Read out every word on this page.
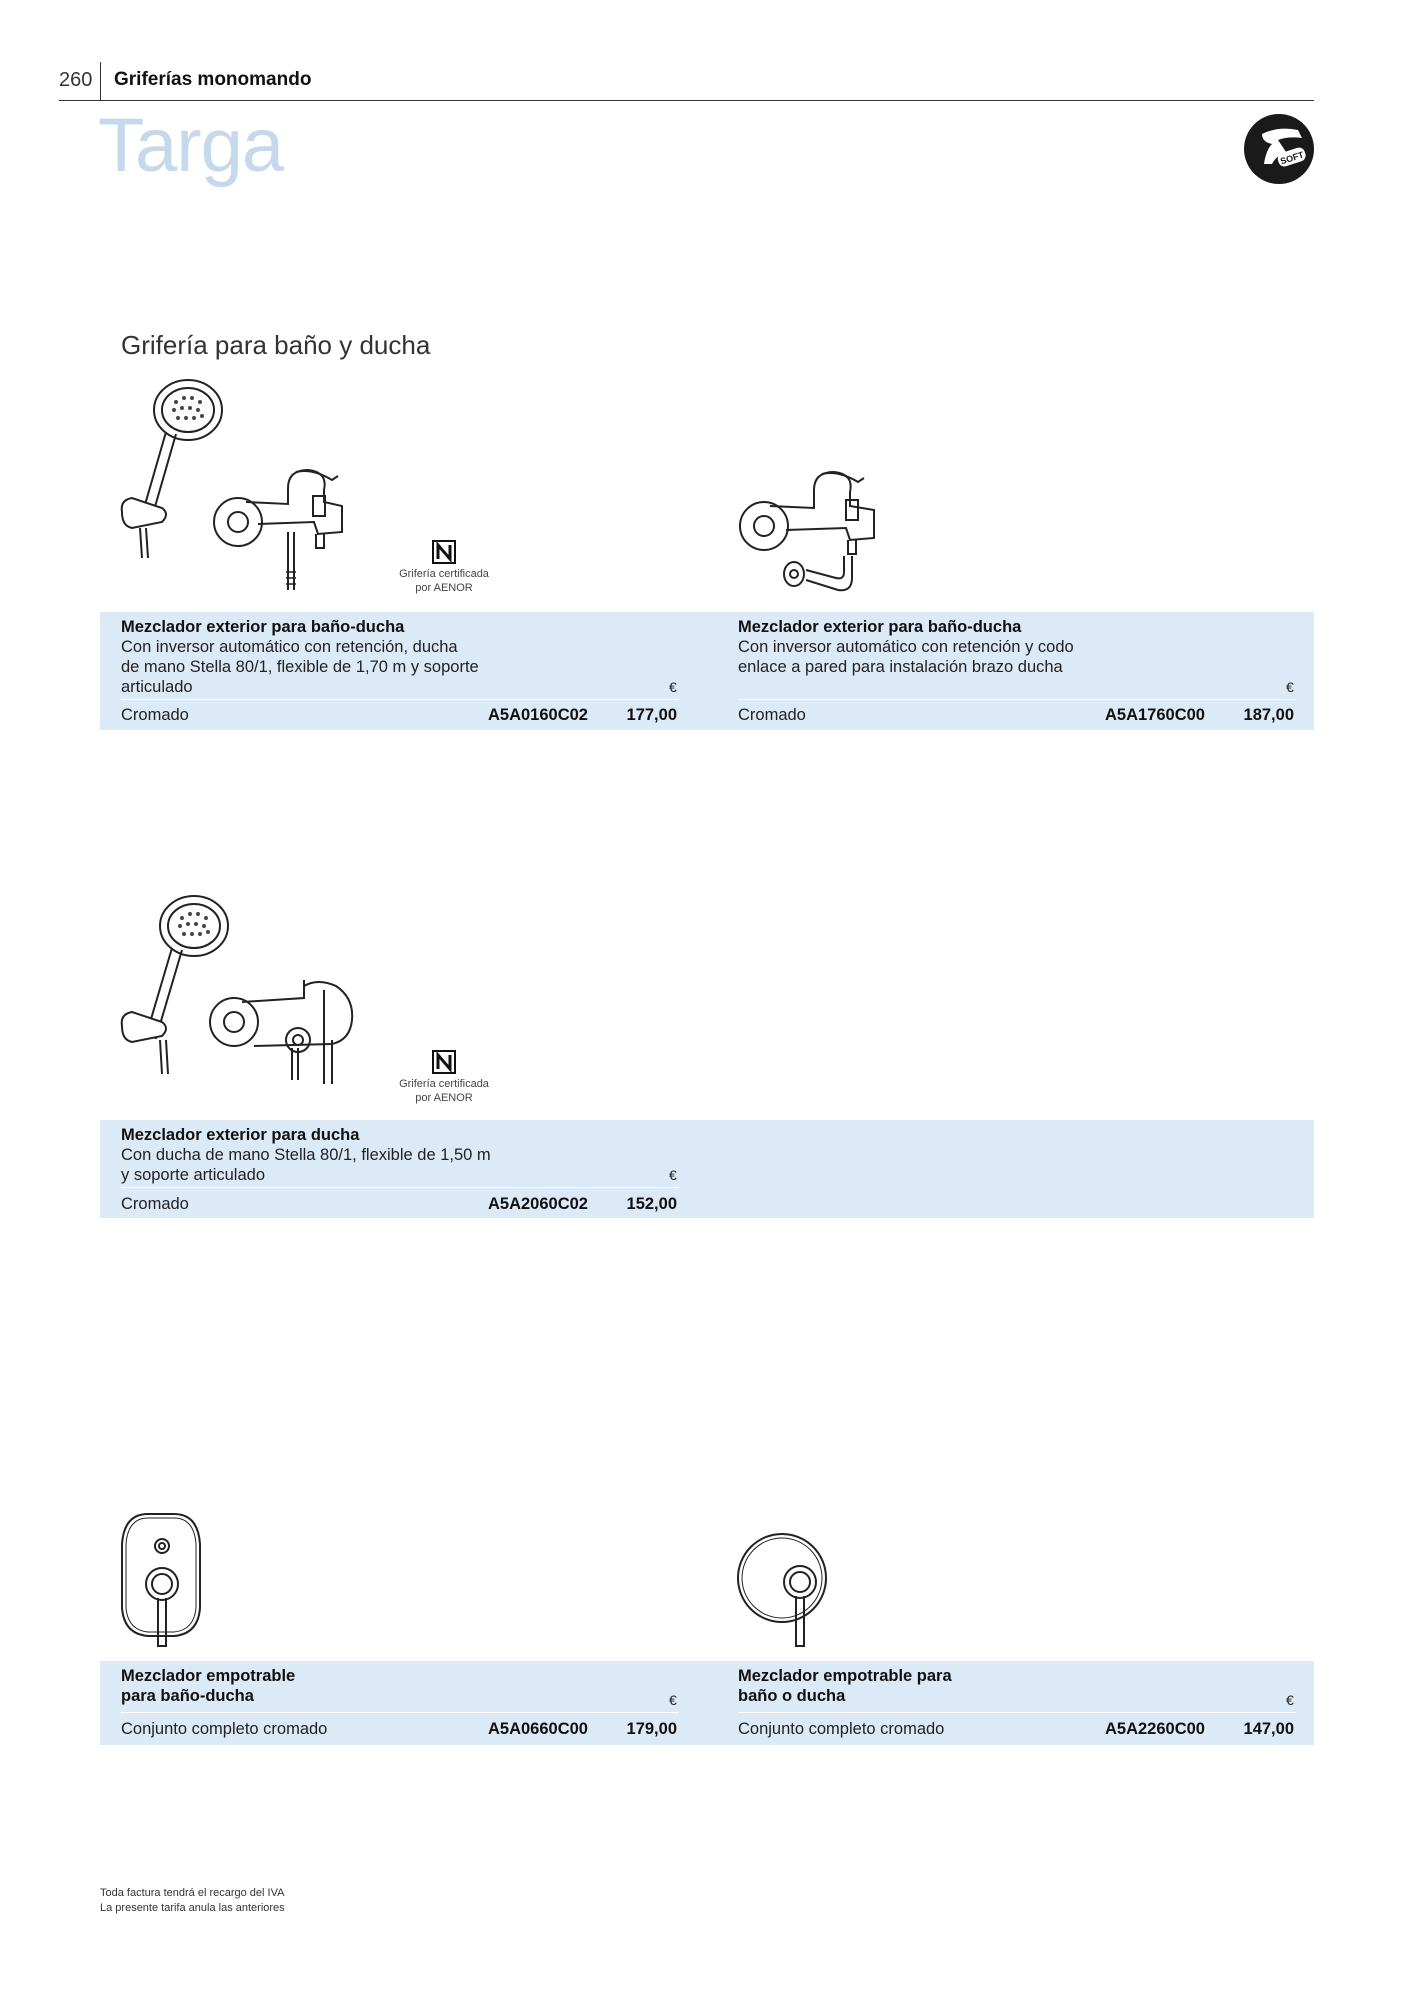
260 Griferías monomando
Targa	SOFT
Grifería para baño y ducha
Grifería certificada
por AENOR
Mezclador exterior para baño-ducha
Con inversor automático con retención, ducha
de mano Stella 80/1, flexible de 1,70 m y soporte
articulado	€
Cromado	A5A0160C02	177,00
Mezclador exterior para baño-ducha
Con inversor automático con retención y codo
enlace a pared para instalación brazo ducha
€
Cromado	A5A1760C00	187,00
Grifería certificada
por AENOR
Mezclador exterior para ducha
Con ducha de mano Stella 80/1, flexible de 1,50 m
y soporte articulado	€
Cromado	A5A2060C02	152,00
Mezclador empotrable
para baño-ducha	€
Conjunto completo cromado	A5A0660C00	179,00
Mezclador empotrable para
baño o ducha	€
Conjunto completo cromado	A5A2260C00	147,00
Toda factura tendrá el recargo del IVA
La presente tarifa anula las anteriores
